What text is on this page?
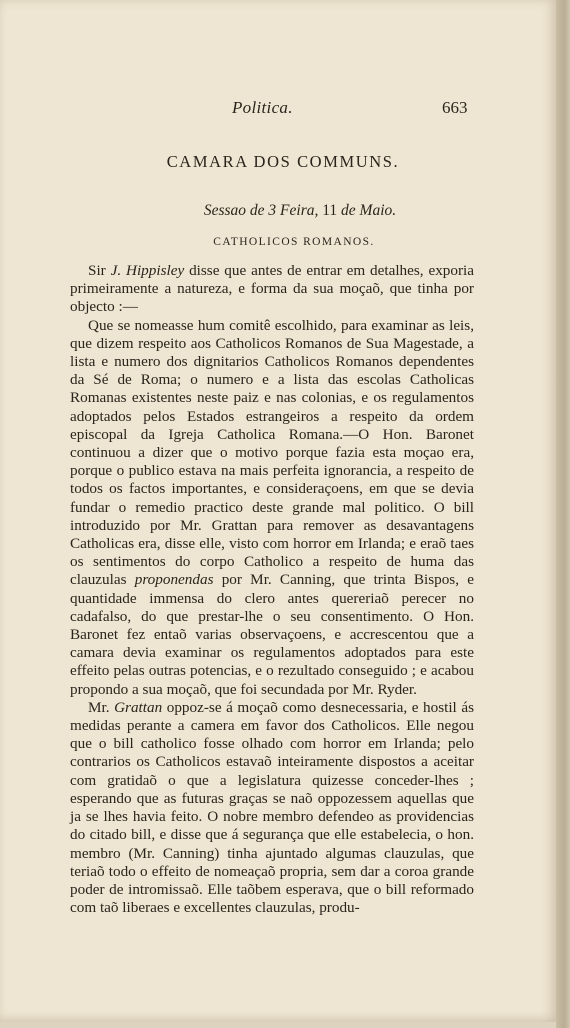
Politica.	663
CAMARA DOS COMMUNS.
Sessao de 3 Feira, 11 de Maio.
CATHOLICOS ROMANOS.

Sir J. Hippisley disse que antes de entrar em detalhes, exporia primeiramente a natureza, e forma da sua moçaõ, que tinha por objecto :—

Que se nomeasse hum comitê escolhido, para examinar as leis, que dizem respeito aos Catholicos Romanos de Sua Magestade, a lista e numero dos dignitarios Catholicos Romanos dependentes da Sé de Roma; o numero e a lista das escolas Catholicas Romanas existentes neste paiz e nas colonias, e os regulamentos adoptados pelos Estados estrangeiros a respeito da ordem episcopal da Igreja Catholica Romana.—O Hon. Baronet continuou a dizer que o motivo porque fazia esta moçao era, porque o publico estava na mais perfeita ignorancia, a respeito de todos os factos importantes, e consideraçoens, em que se devia fundar o remedio practico deste grande mal politico. O bill introduzido por Mr. Grattan para remover as desavantagens Catholicas era, disse elle, visto com horror em Irlanda; e eraõ taes os sentimentos do corpo Catholico a respeito de huma das clauzulas proponendas por Mr. Canning, que trinta Bispos, e quantidade immensa do clero antes quereriaõ perecer no cadafalso, do que prestar-lhe o seu consentimento. O Hon. Baronet fez entaõ varias observaçoens, e accrescentou que a camara devia examinar os regulamentos adoptados para este effeito pelas outras potencias, e o rezultado conseguido ; e acabou propondo a sua moçaõ, que foi secundada por Mr. Ryder.

Mr. Grattan oppoz-se á moçaõ como desnecessaria, e hostil ás medidas perante a camera em favor dos Catholicos. Elle negou que o bill catholico fosse olhado com horror em Irlanda; pelo contrarios os Catholicos estavaõ inteiramente dispostos a aceitar com gratidaõ o que a legislatura quizesse conceder-lhes ; esperando que as futuras graças se naõ oppozessem aquellas que ja se lhes havia feito. O nobre membro defendeo as providencias do citado bill, e disse que á segurança que elle estabelecia, o hon. membro (Mr. Canning) tinha ajuntado algumas clauzulas, que teriaõ todo o effeito de nomeaçaõ propria, sem dar a coroa grande poder de intromissaõ. Elle taõbem esperava, que o bill reformado com taõ liberaes e excellentes clauzulas, produ-
